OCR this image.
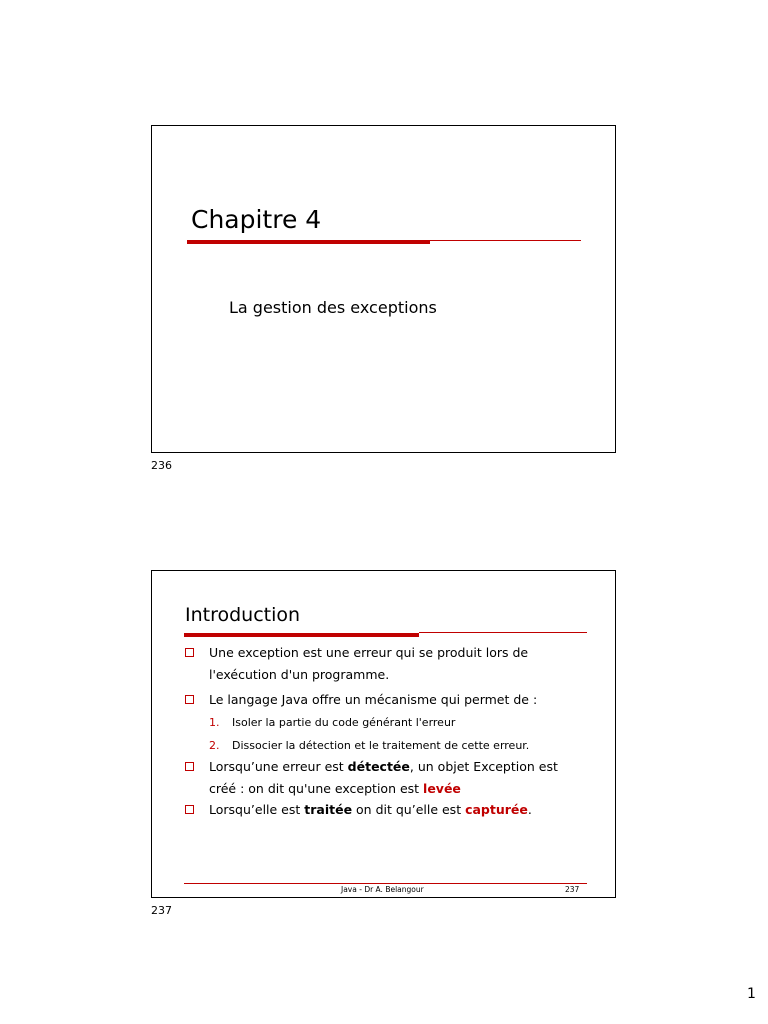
Chapitre 4
La gestion des exceptions
236
Introduction
Une exception est une erreur qui se produit lors de l'exécution d'un programme.
Le langage Java offre un mécanisme qui permet de :
1. Isoler la partie du code générant l'erreur
2. Dissocier la détection et le traitement de cette erreur.
Lorsqu’une erreur est détectée, un objet Exception est créé : on dit qu'une exception est levée
Lorsqu’elle est traitée on dit qu’elle est capturée.
Java - Dr A. Belangour	237
237
1
